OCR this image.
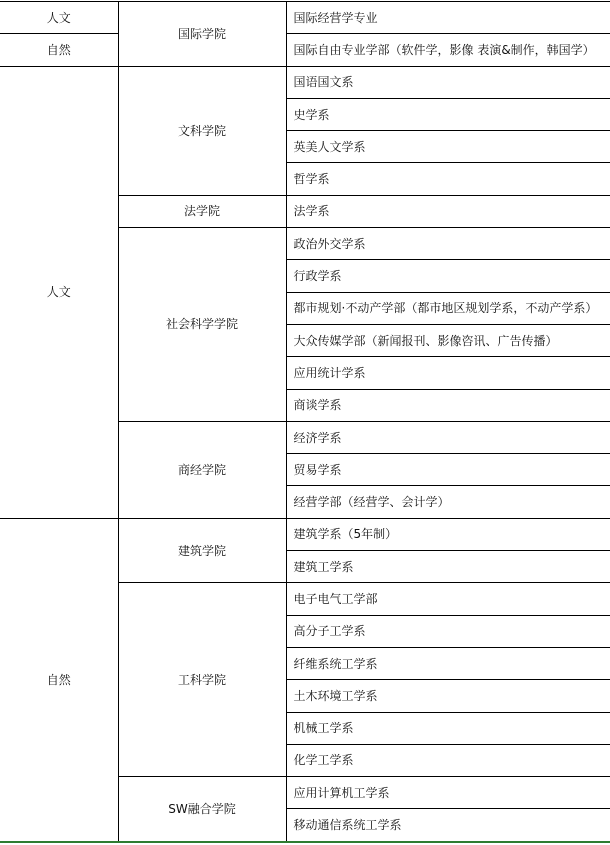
人文	国际学院	国际经营学专业
自然		国际自由专业学部（软件学，影像 表演&制作，韩国学）
人文	文科学院	国语国文系
		史学系
		英美人文学系
		哲学系
	法学院	法学系
	社会科学学院	政治外交学系
		行政学系
		都市规划·不动产学部（都市地区规划学系，不动产学系）
		大众传媒学部（新闻报刊、影像咨讯、广告传播）
		应用统计学系
		商谈学系
	商经学院	经济学系
		贸易学系
		经营学部（经营学、会计学）
自然	建筑学院	建筑学系（5年制）
		建筑工学系
	工科学院	电子电气工学部
		高分子工学系
		纤维系统工学系
		土木环境工学系
		机械工学系
		化学工学系
	SW融合学院	应用计算机工学系
		移动通信系统工学系
